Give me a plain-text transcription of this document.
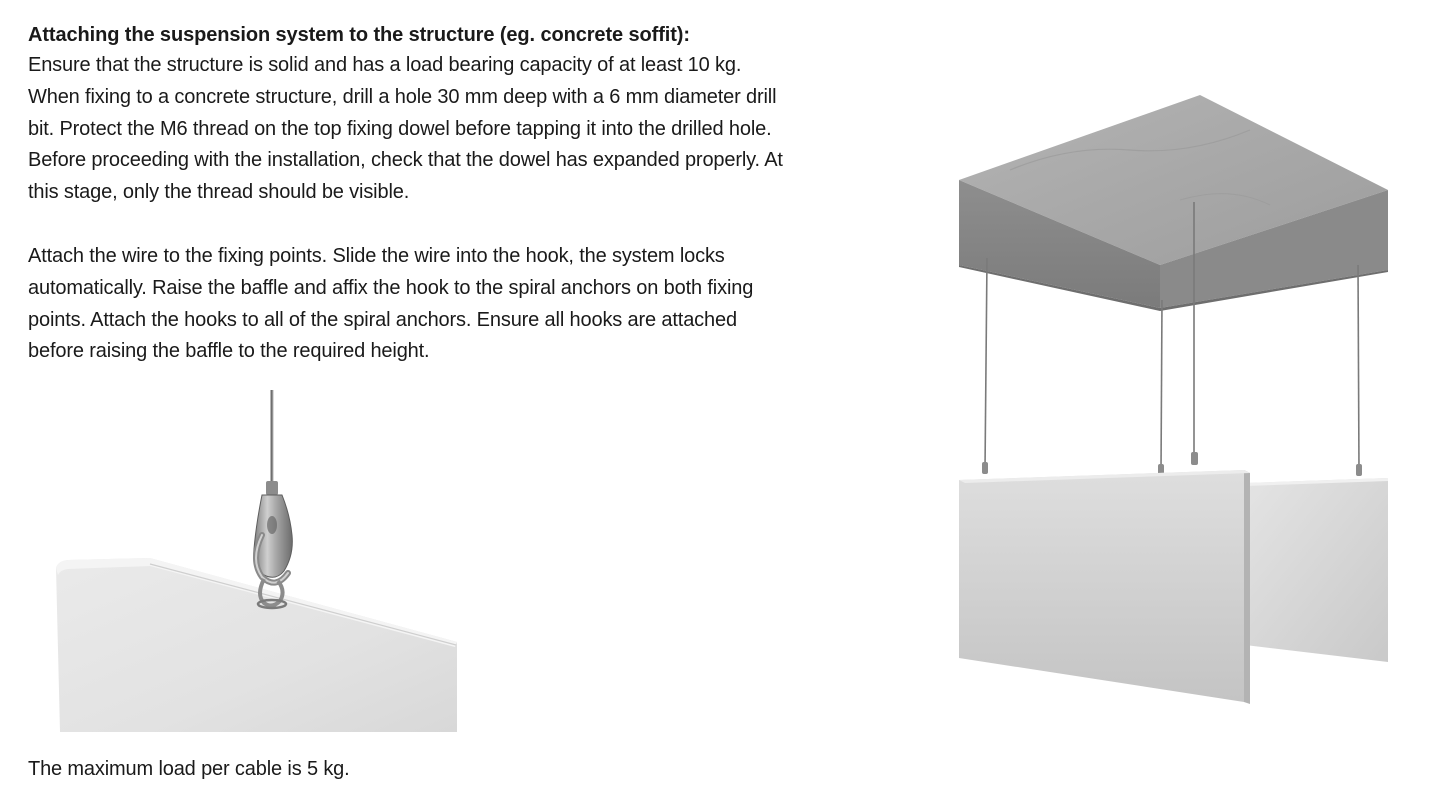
Attaching the suspension system to the structure (eg. concrete soffit):

Ensure that the structure is solid and has a load bearing capacity of at least 10 kg. When fixing to a concrete structure, drill a hole 30 mm deep with a 6 mm diameter drill bit. Protect the M6 thread on the top fixing dowel before tapping it into the drilled hole. Before proceeding with the installation, check that the dowel has expanded properly. At this stage, only the thread should be visible.

Attach the wire to the fixing points. Slide the wire into the hook, the system locks automatically. Raise the baffle and affix the hook to the spiral anchors on both fixing points. Attach the hooks to all of the spiral anchors. Ensure all hooks are attached before raising the baffle to the required height.

The maximum load per cable is 5 kg.
